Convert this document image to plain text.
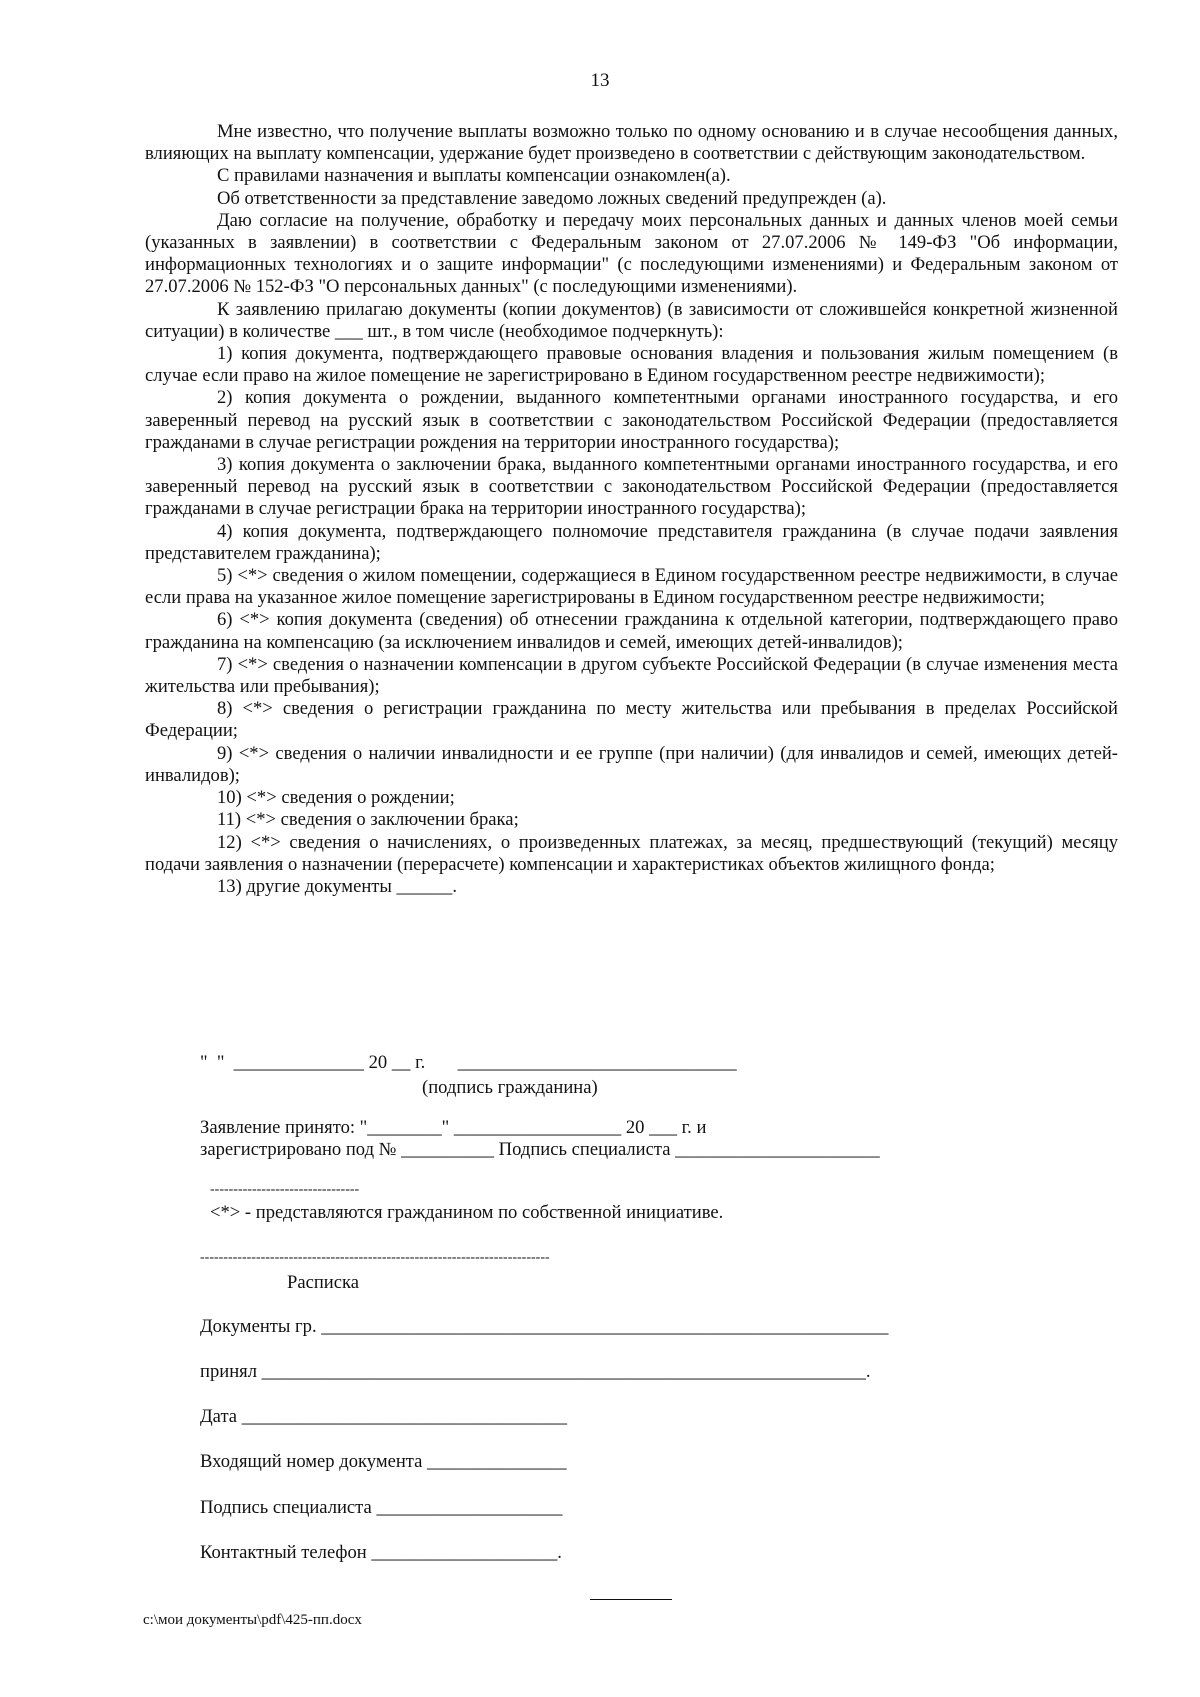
13

Мне известно, что получение выплаты возможно только по одному основанию и в случае несообщения данных, влияющих на выплату компенсации, удержание будет произведено в соответствии с действующим законодательством.

С правилами назначения и выплаты компенсации ознакомлен(а).

Об ответственности за представление заведомо ложных сведений предупрежден (а).

Даю согласие на получение, обработку и передачу моих персональных данных и данных членов моей семьи (указанных в заявлении) в соответствии с Федеральным законом от 27.07.2006 № 149-ФЗ "Об информации, информационных технологиях и о защите информации" (с последующими изменениями) и Федеральным законом от 27.07.2006 № 152-ФЗ "О персональных данных" (с последующими изменениями).

К заявлению прилагаю документы (копии документов) (в зависимости от сложившейся конкретной жизненной ситуации) в количестве ___ шт., в том числе (необходимое подчеркнуть):

1) копия документа, подтверждающего правовые основания владения и пользования жилым помещением (в случае если право на жилое помещение не зарегистрировано в Едином государственном реестре недвижимости);

2) копия документа о рождении, выданного компетентными органами иностранного государства, и его заверенный перевод на русский язык в соответствии с законодательством Российской Федерации (предоставляется гражданами в случае регистрации рождения на территории иностранного государства);

3) копия документа о заключении брака, выданного компетентными органами иностранного государства, и его заверенный перевод на русский язык в соответствии с законодательством Российской Федерации (предоставляется гражданами в случае регистрации брака на территории иностранного государства);

4) копия документа, подтверждающего полномочие представителя гражданина (в случае подачи заявления представителем гражданина);

5) <*> сведения о жилом помещении, содержащиеся в Едином государственном реестре недвижимости, в случае если права на указанное жилое помещение зарегистрированы в Едином государственном реестре недвижимости;

6) <*> копия документа (сведения) об отнесении гражданина к отдельной категории, подтверждающего право гражданина на компенсацию (за исключением инвалидов и семей, имеющих детей-инвалидов);

7) <*> сведения о назначении компенсации в другом субъекте Российской Федерации (в случае изменения места жительства или пребывания);

8) <*> сведения о регистрации гражданина по месту жительства или пребывания в пределах Российской Федерации;

9) <*> сведения о наличии инвалидности и ее группе (при наличии) (для инвалидов и семей, имеющих детей-инвалидов);

10) <*> сведения о рождении;

11) <*> сведения о заключении брака;

12) <*> сведения о начислениях, о произведенных платежах, за месяц, предшествующий (текущий) месяцу подачи заявления о назначении (перерасчете) компенсации и характеристиках объектов жилищного фонда;

13) другие документы ______.

"  "  ______________ 20 __ г.       ______________________________
(подпись гражданина)
Заявление принято: "________" __________________ 20 ___ г. и
зарегистрировано под № __________ Подпись специалиста ______________________
--------------------------------
<*> - представляются гражданином по собственной инициативе.
---------------------------------------------------------------------------
Расписка
Документы гр. _____________________________________________________________
принял _________________________________________________________________.
Дата ___________________________________
Входящий номер документа _______________
Подпись специалиста ____________________
Контактный телефон ____________________.
c:\мои документы\pdf\425-пп.docx
